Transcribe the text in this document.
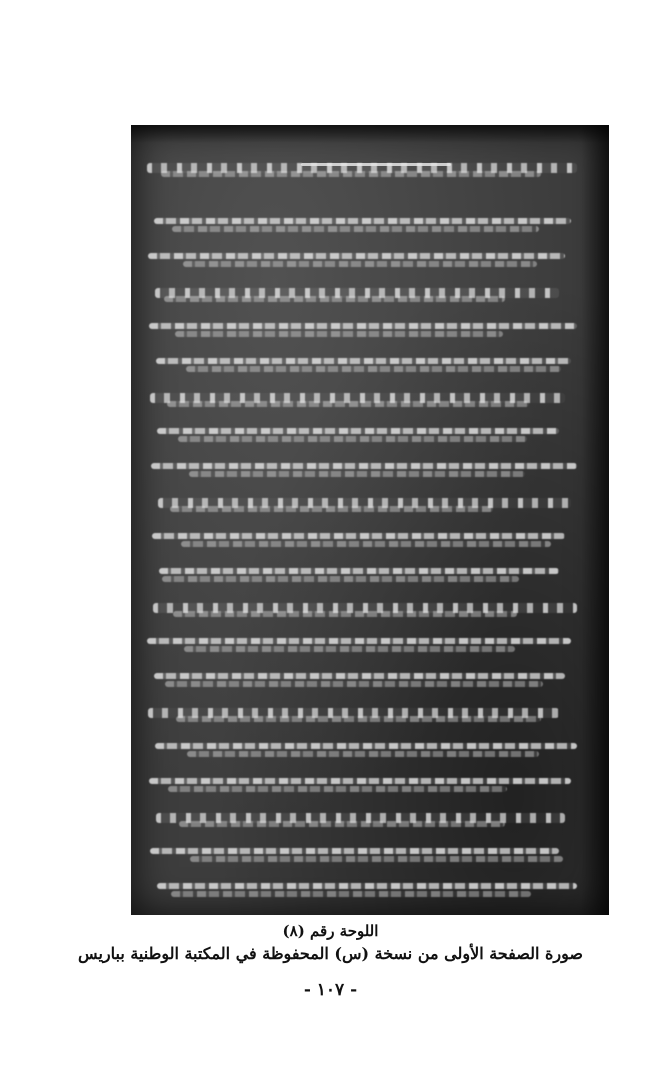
اللوحة رقم (٨)
صورة الصفحة الأولى من نسخة (س) المحفوظة في المكتبة الوطنية بباريس
- ١٠٧ -
